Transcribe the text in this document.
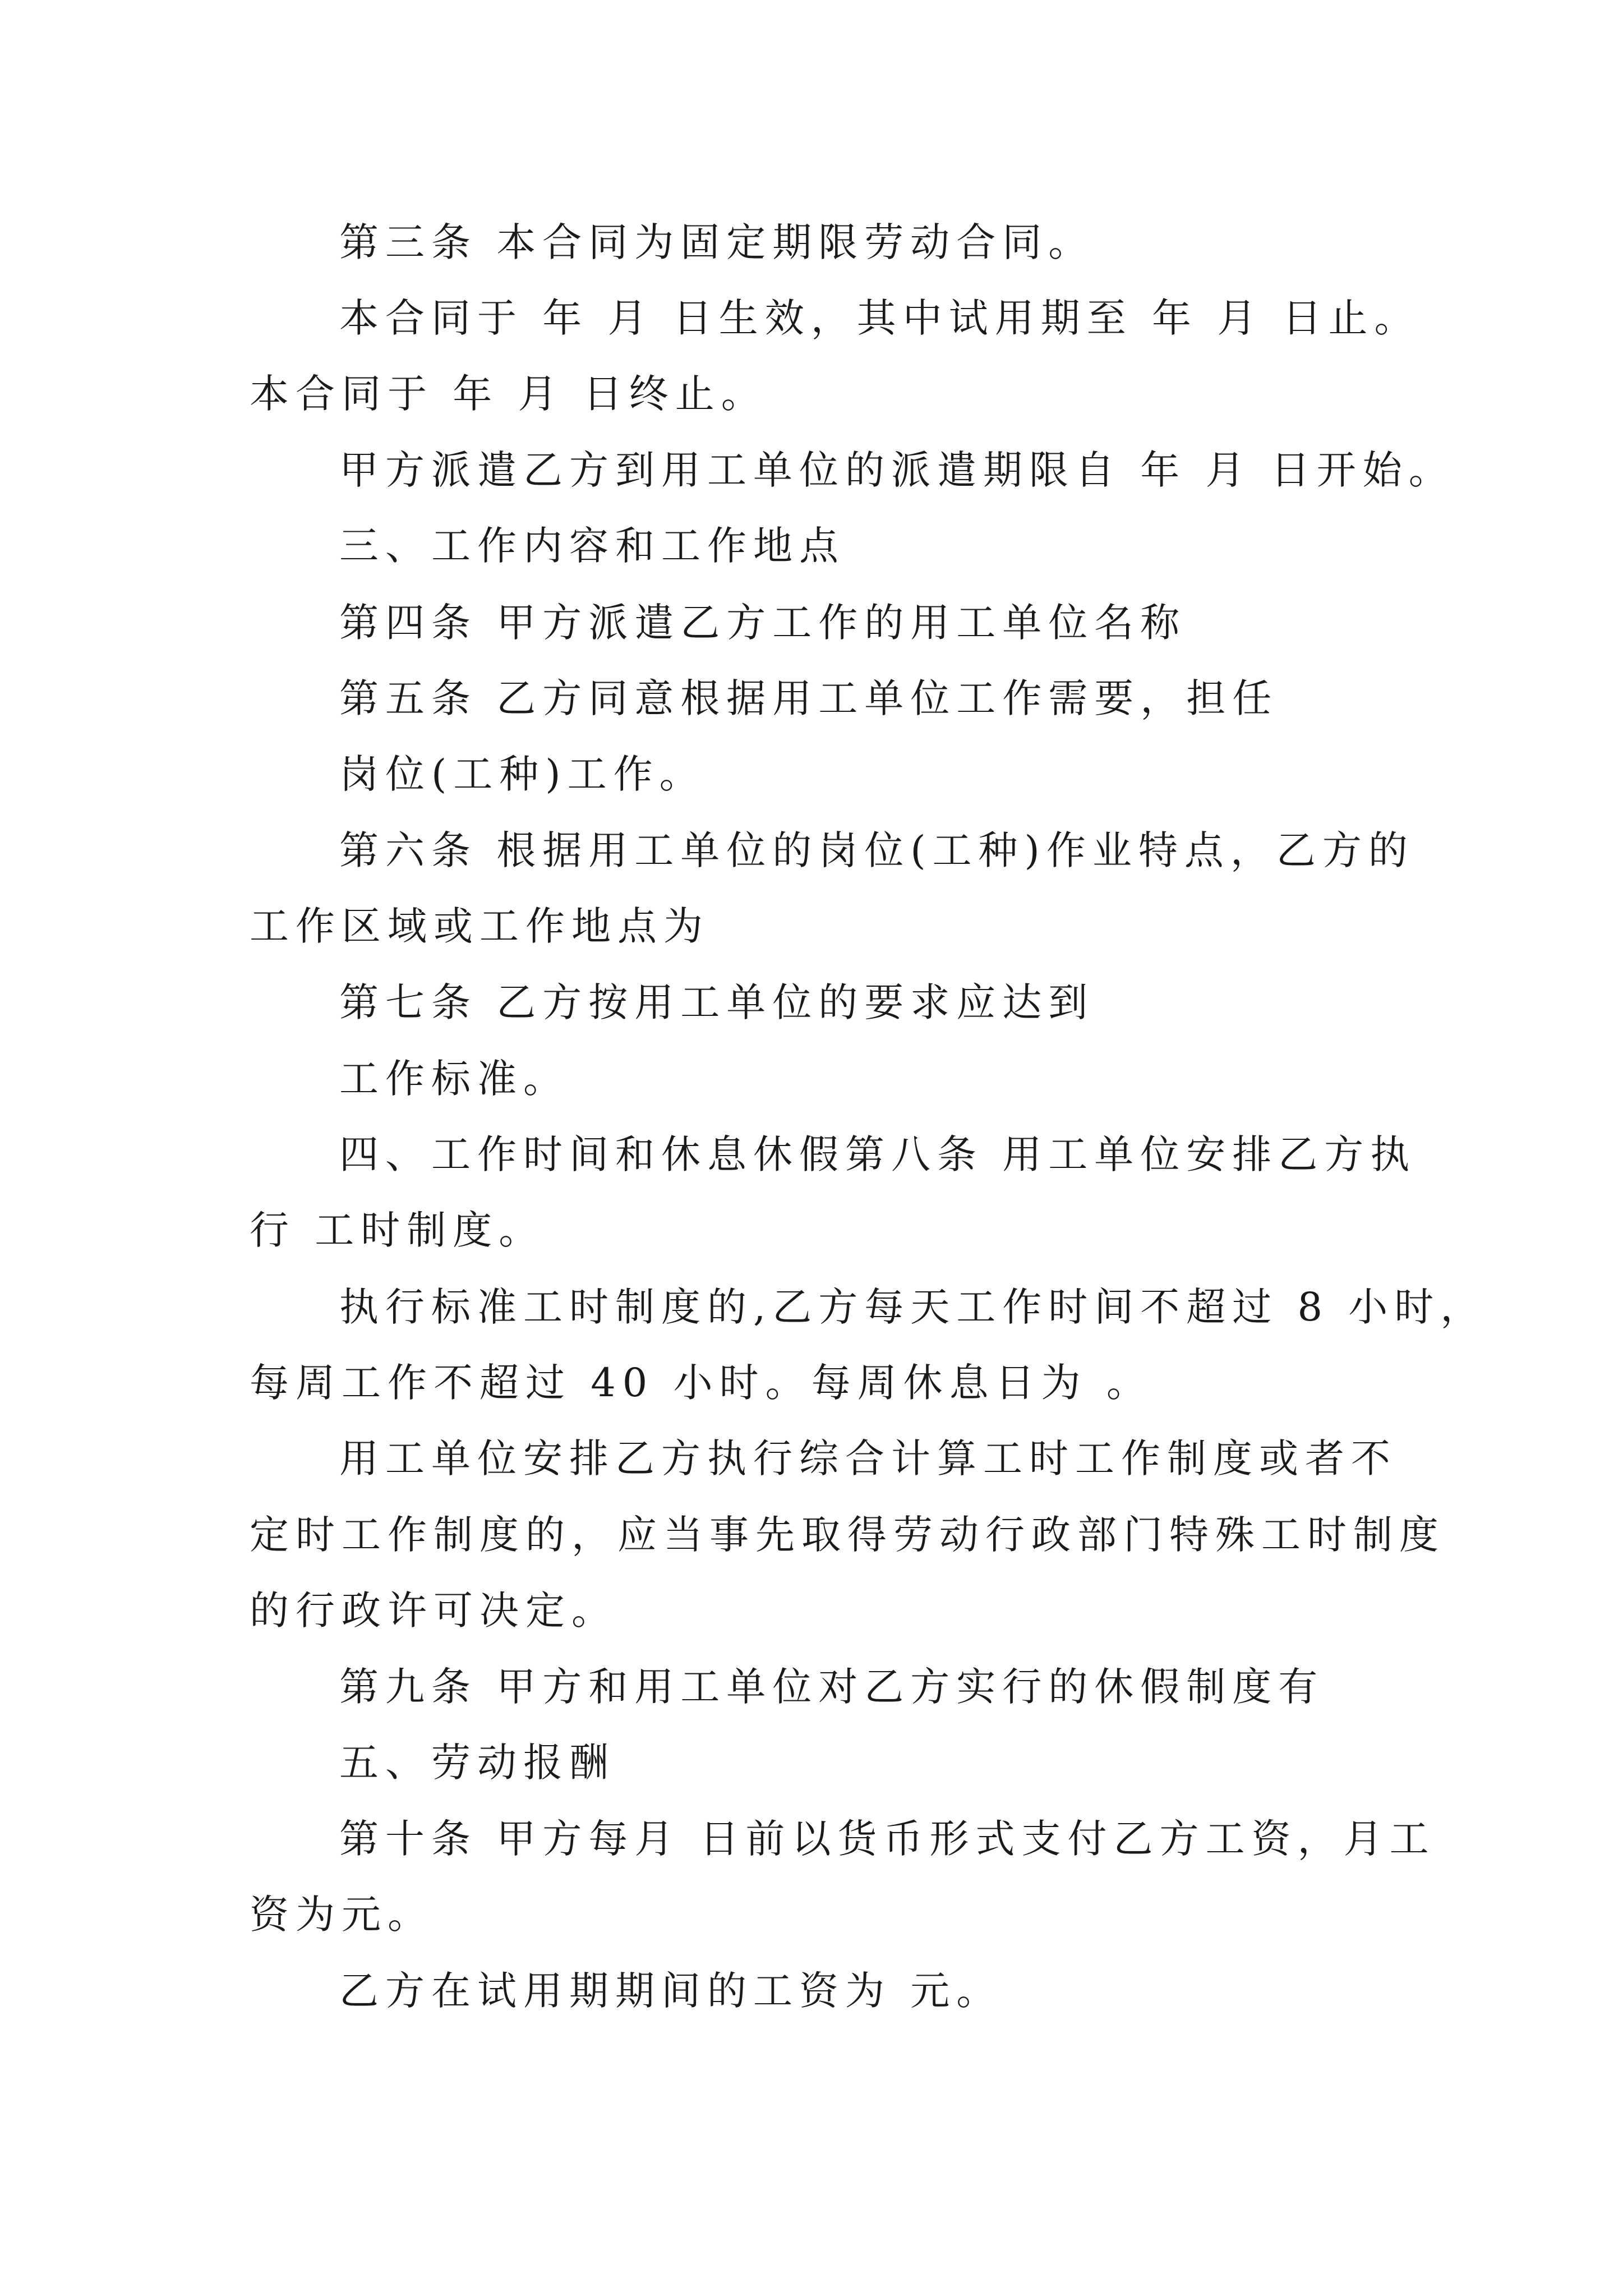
第三条 本合同为固定期限劳动合同。
本合同于 年 月 日生效，其中试用期至 年 月 日止。
本合同于 年 月 日终止。
甲方派遣乙方到用工单位的派遣期限自 年 月 日开始。
三、工作内容和工作地点
第四条 甲方派遣乙方工作的用工单位名称
第五条 乙方同意根据用工单位工作需要，担任
岗位(工种)工作。
第六条 根据用工单位的岗位(工种)作业特点，乙方的
工作区域或工作地点为
第七条 乙方按用工单位的要求应达到
工作标准。
四、工作时间和休息休假第八条 用工单位安排乙方执
行 工时制度。
执行标准工时制度的,乙方每天工作时间不超过 8 小时，
每周工作不超过 40 小时。每周休息日为 。
用工单位安排乙方执行综合计算工时工作制度或者不
定时工作制度的，应当事先取得劳动行政部门特殊工时制度
的行政许可决定。
第九条 甲方和用工单位对乙方实行的休假制度有
五、劳动报酬
第十条 甲方每月 日前以货币形式支付乙方工资，月工
资为元。
乙方在试用期期间的工资为 元。
